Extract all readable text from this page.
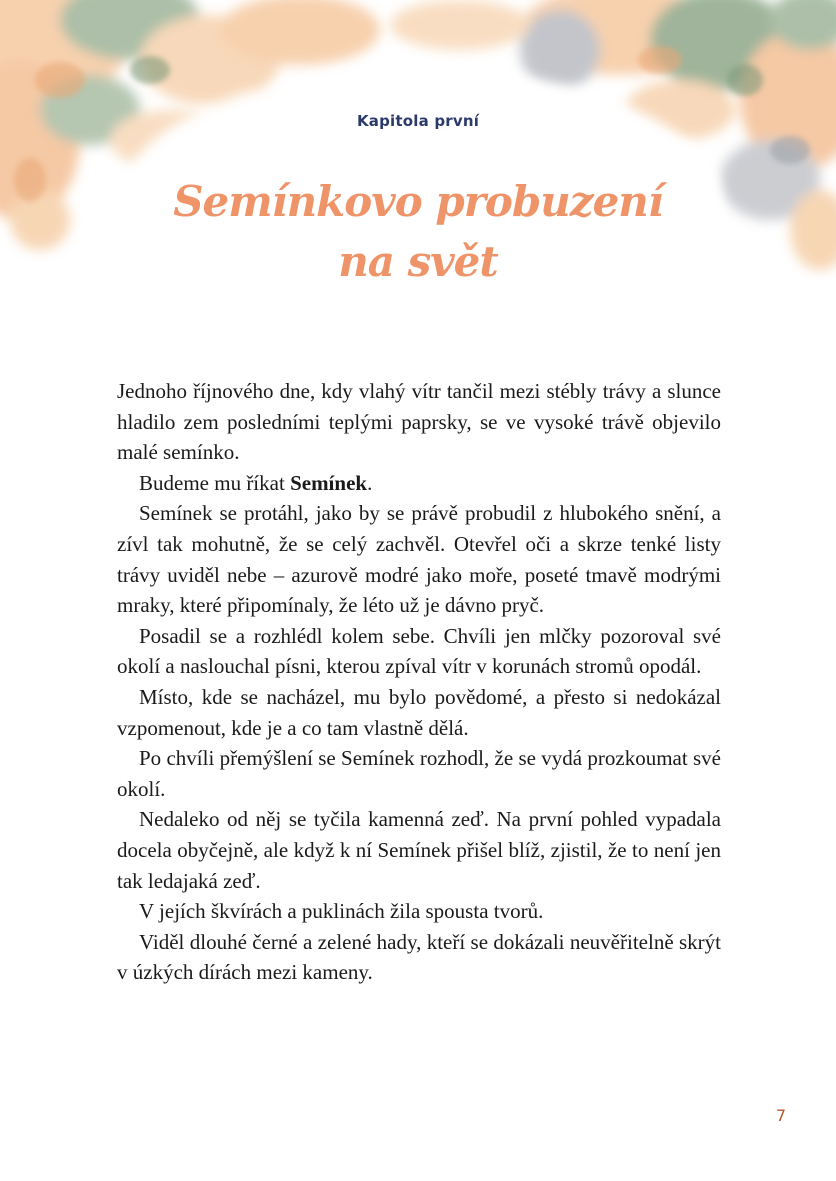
Kapitola první
Semínkovo probuzení
na svět

Jednoho říjnového dne, kdy vlahý vítr tančil mezi stébly trávy a slunce hladilo zem posledními teplými paprsky, se ve vysoké trávě objevilo malé semínko.

Budeme mu říkat Semínek.

Semínek se protáhl, jako by se právě probudil z hlubokého snění, a zívl tak mohutně, že se celý zachvěl. Otevřel oči a skrze tenké listy trávy uviděl nebe – azurově modré jako moře, poseté tmavě modrými mraky, které připomínaly, že léto už je dávno pryč.

Posadil se a rozhlédl kolem sebe. Chvíli jen mlčky pozoroval své okolí a naslouchal písni, kterou zpíval vítr v korunách stromů opodál.

Místo, kde se nacházel, mu bylo povědomé, a přesto si nedokázal vzpomenout, kde je a co tam vlastně dělá.

Po chvíli přemýšlení se Semínek rozhodl, že se vydá prozkoumat své okolí.

Nedaleko od něj se tyčila kamenná zeď. Na první pohled vypadala docela obyčejně, ale když k ní Semínek přišel blíž, zjistil, že to není jen tak ledajaká zeď.

V jejích škvírách a puklinách žila spousta tvorů.

Viděl dlouhé černé a zelené hady, kteří se dokázali neuvěřitelně skrýt v úzkých dírách mezi kameny.

7
